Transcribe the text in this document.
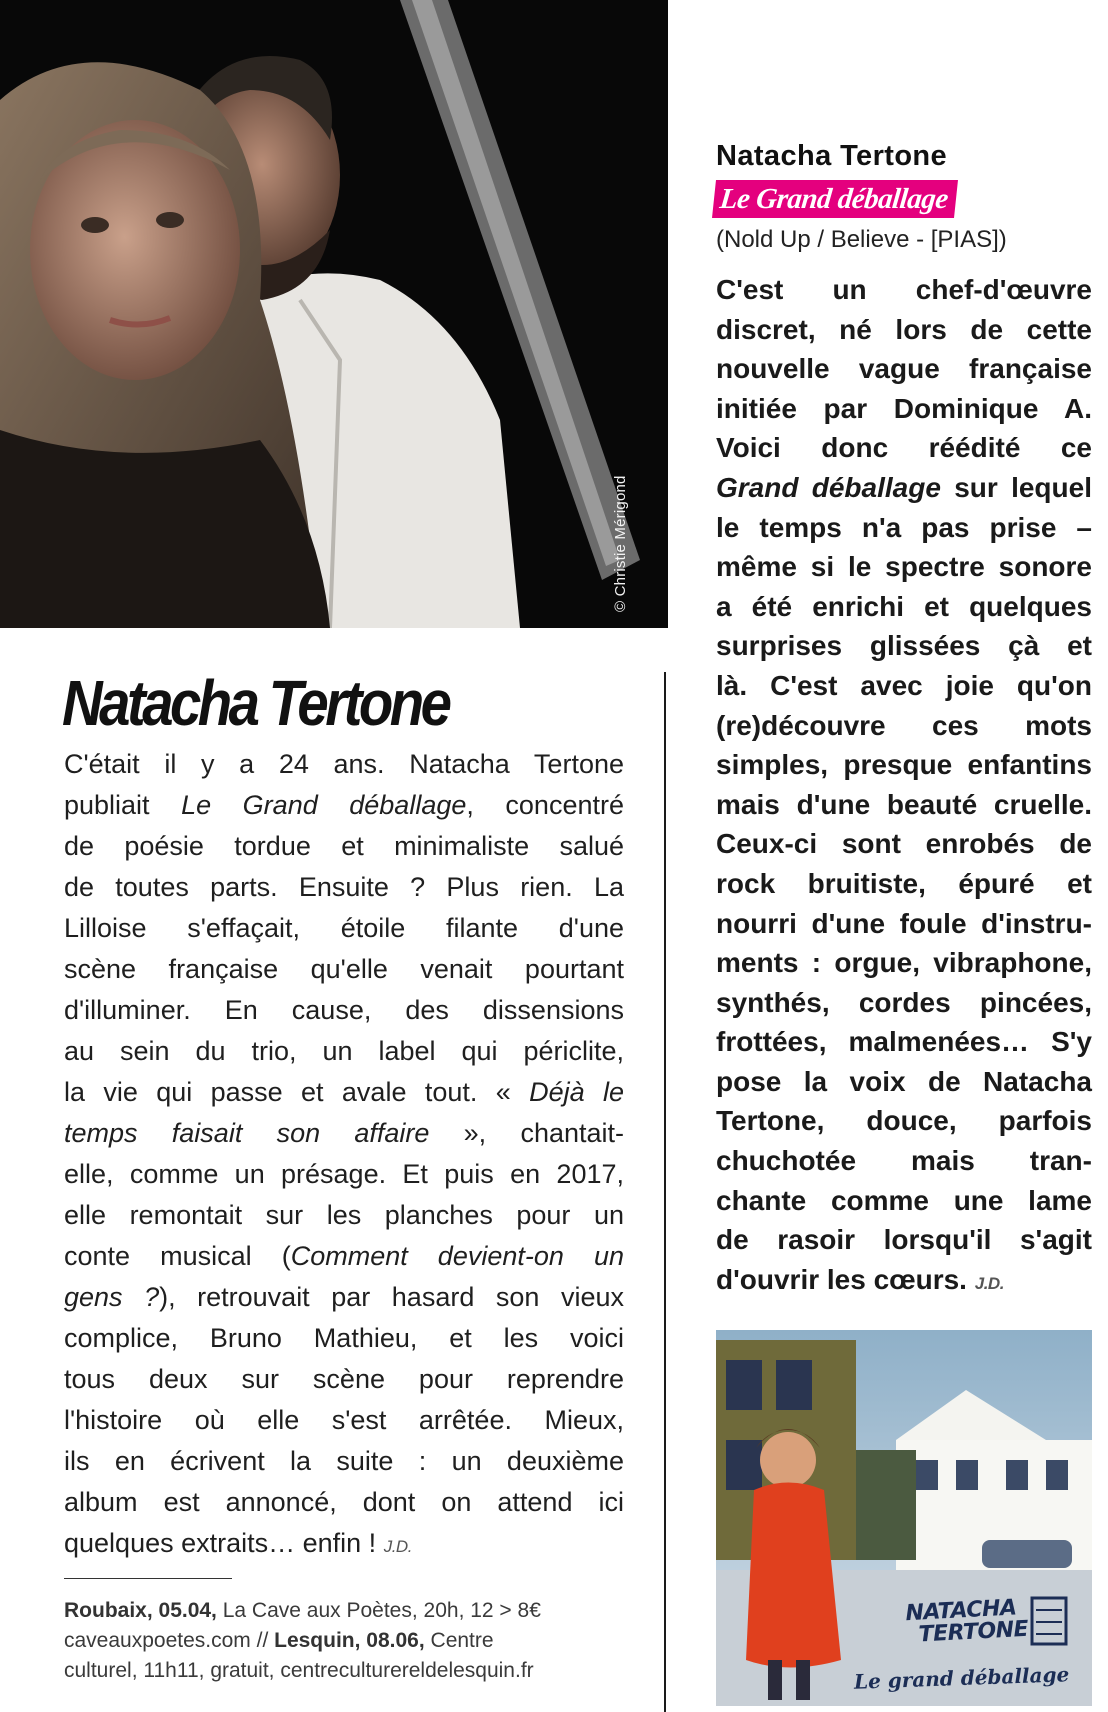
© Christie Mérigond
Natacha Tertone
C'était il y a 24 ans. Natacha Tertone
publiait Le Grand déballage, concentré
de poésie tordue et minimaliste salué
de toutes parts. Ensuite ? Plus rien. La
Lilloise s'effaçait, étoile filante d'une
scène française qu'elle venait pourtant
d'illuminer. En cause, des dissensions
au sein du trio, un label qui périclite,
la vie qui passe et avale tout. « Déjà le
temps faisait son affaire », chantait-
elle, comme un présage. Et puis en 2017,
elle remontait sur les planches pour un
conte musical (Comment devient-on un
gens ?), retrouvait par hasard son vieux
complice, Bruno Mathieu, et les voici
tous deux sur scène pour reprendre
l'histoire où elle s'est arrêtée. Mieux,
ils en écrivent la suite : un deuxième
album est annoncé, dont on attend ici
quelques extraits… enfin ! J.D.
Roubaix, 05.04, La Cave aux Poètes, 20h, 12 > 8€
caveauxpoetes.com // Lesquin, 08.06, Centre
culturel, 11h11, gratuit, centreculturereldelesquin.fr
Natacha Tertone
Le Grand déballage

(Nold Up / Believe - [PIAS])

C'est un chef-d'œuvre
discret, né lors de cette
nouvelle vague française
initiée par Dominique A.
Voici donc réédité ce
Grand déballage sur lequel
le temps n'a pas prise –
même si le spectre sonore
a été enrichi et quelques
surprises glissées çà et
là. C'est avec joie qu'on
(re)découvre ces mots
simples, presque enfantins
mais d'une beauté cruelle.
Ceux-ci sont enrobés de
rock bruitiste, épuré et
nourri d'une foule d'instru-
ments : orgue, vibraphone,
synthés, cordes pincées,
frottées, malmenées… S'y
pose la voix de Natacha
Tertone, douce, parfois
chuchotée mais tran-
chante comme une lame
de rasoir lorsqu'il s'agit
d'ouvrir les cœurs. J.D.
NATACHA
TERTONE
Le grand déballage
